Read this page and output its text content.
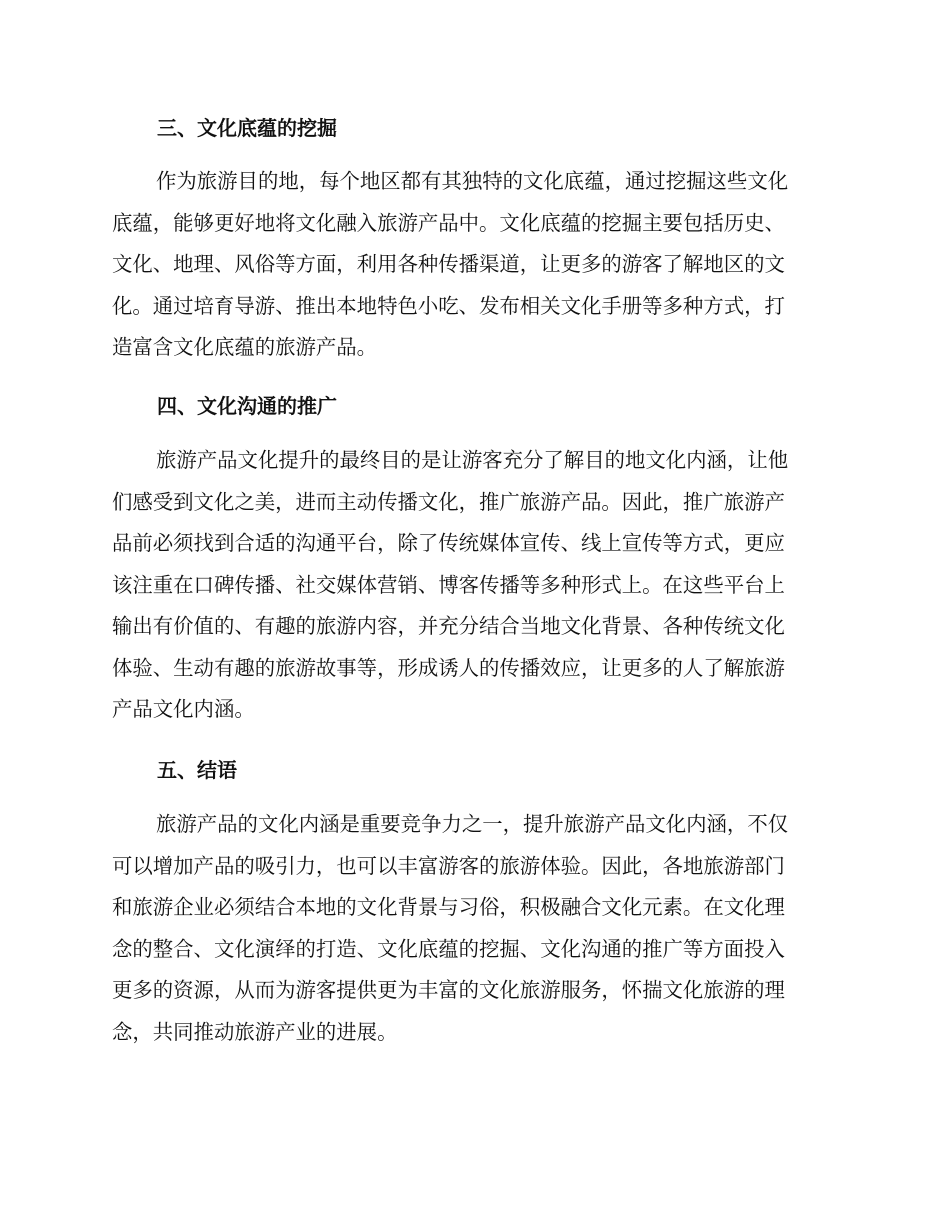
三、文化底蕴的挖掘
作为旅游目的地，每个地区都有其独特的文化底蕴，通过挖掘这些文化
底蕴，能够更好地将文化融入旅游产品中。文化底蕴的挖掘主要包括历史、
文化、地理、风俗等方面，利用各种传播渠道，让更多的游客了解地区的文
化。通过培育导游、推出本地特色小吃、发布相关文化手册等多种方式，打
造富含文化底蕴的旅游产品。
四、文化沟通的推广
旅游产品文化提升的最终目的是让游客充分了解目的地文化内涵，让他
们感受到文化之美，进而主动传播文化，推广旅游产品。因此，推广旅游产
品前必须找到合适的沟通平台，除了传统媒体宣传、线上宣传等方式，更应
该注重在口碑传播、社交媒体营销、博客传播等多种形式上。在这些平台上
输出有价值的、有趣的旅游内容，并充分结合当地文化背景、各种传统文化
体验、生动有趣的旅游故事等，形成诱人的传播效应，让更多的人了解旅游
产品文化内涵。
五、结语
旅游产品的文化内涵是重要竞争力之一，提升旅游产品文化内涵，不仅
可以增加产品的吸引力，也可以丰富游客的旅游体验。因此，各地旅游部门
和旅游企业必须结合本地的文化背景与习俗，积极融合文化元素。在文化理
念的整合、文化演绎的打造、文化底蕴的挖掘、文化沟通的推广等方面投入
更多的资源，从而为游客提供更为丰富的文化旅游服务，怀揣文化旅游的理
念，共同推动旅游产业的进展。
